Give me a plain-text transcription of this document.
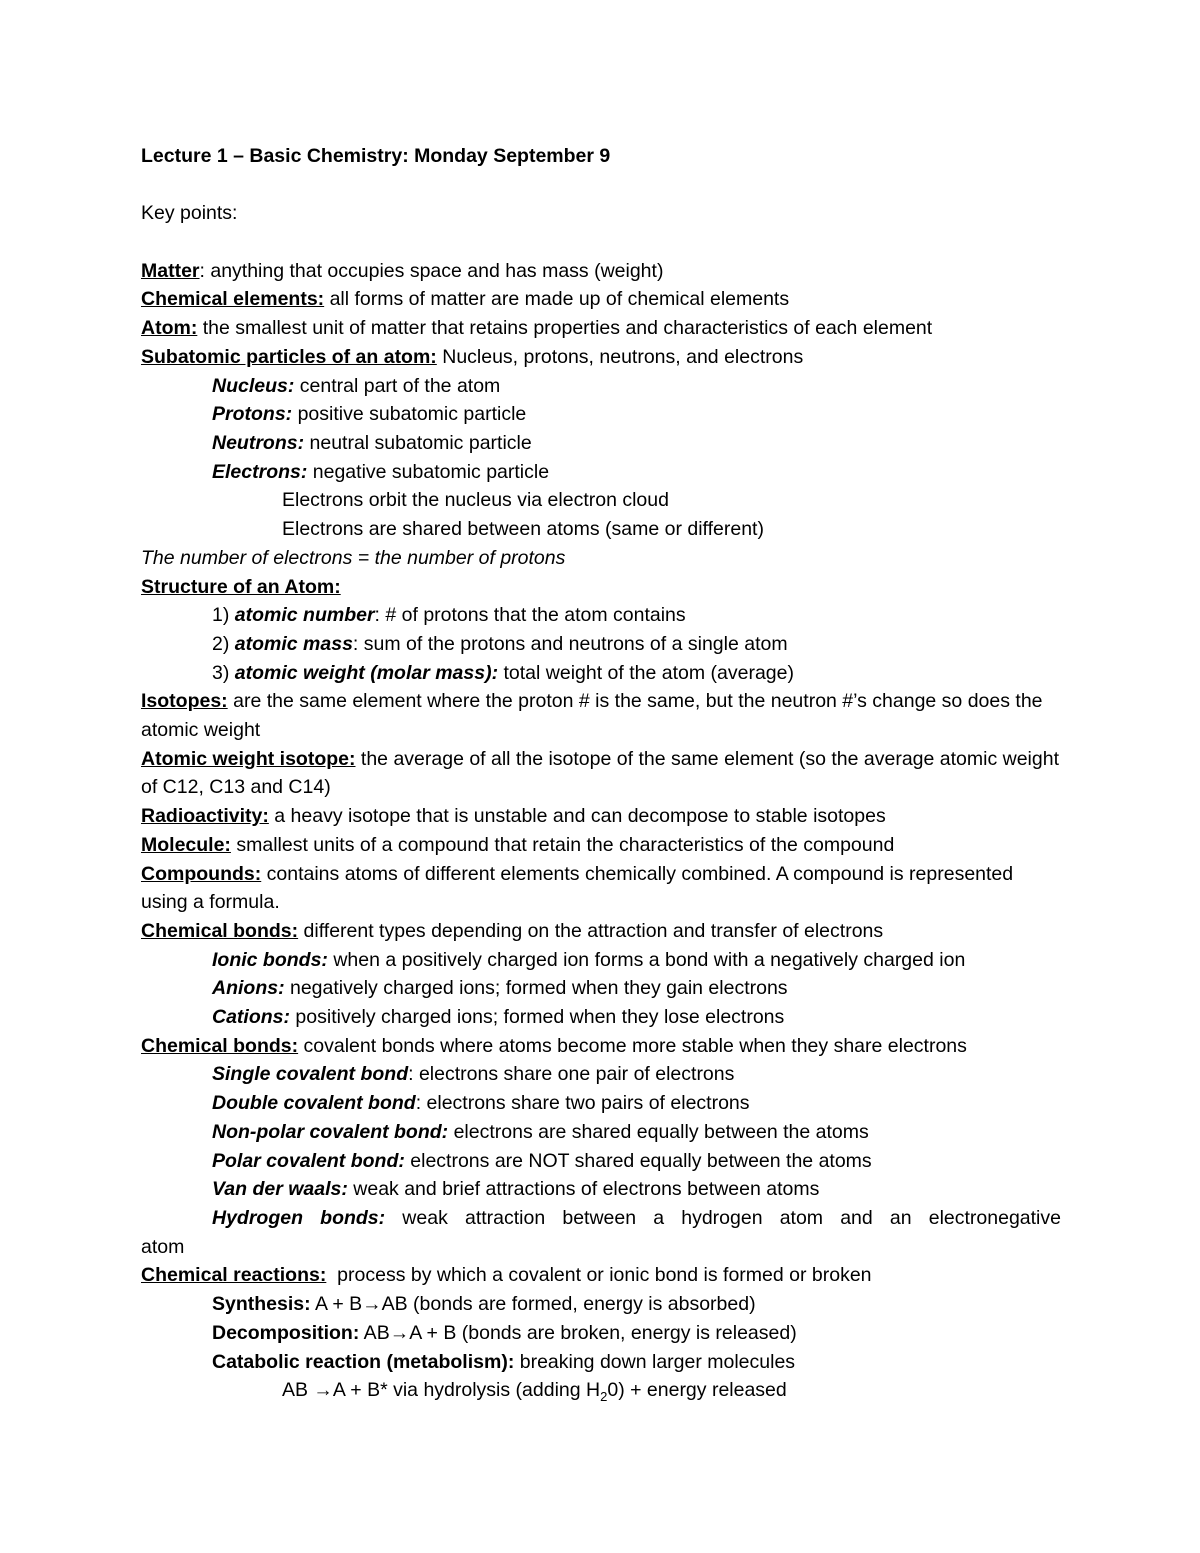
Lecture 1 – Basic Chemistry: Monday September 9
Key points:
Matter: anything that occupies space and has mass (weight)
Chemical elements: all forms of matter are made up of chemical elements
Atom: the smallest unit of matter that retains properties and characteristics of each element
Subatomic particles of an atom: Nucleus, protons, neutrons, and electrons
Nucleus: central part of the atom
Protons: positive subatomic particle
Neutrons: neutral subatomic particle
Electrons: negative subatomic particle
Electrons orbit the nucleus via electron cloud
Electrons are shared between atoms (same or different)
The number of electrons = the number of protons
Structure of an Atom:
1) atomic number: # of protons that the atom contains
2) atomic mass: sum of the protons and neutrons of a single atom
3) atomic weight (molar mass): total weight of the atom (average)
Isotopes: are the same element where the proton # is the same, but the neutron #’s change so does the atomic weight
Atomic weight isotope: the average of all the isotope of the same element (so the average atomic weight of C12, C13 and C14)
Radioactivity: a heavy isotope that is unstable and can decompose to stable isotopes
Molecule: smallest units of a compound that retain the characteristics of the compound
Compounds: contains atoms of different elements chemically combined. A compound is represented using a formula.
Chemical bonds: different types depending on the attraction and transfer of electrons
Ionic bonds: when a positively charged ion forms a bond with a negatively charged ion
Anions: negatively charged ions; formed when they gain electrons
Cations: positively charged ions; formed when they lose electrons
Chemical bonds: covalent bonds where atoms become more stable when they share electrons
Single covalent bond: electrons share one pair of electrons
Double covalent bond: electrons share two pairs of electrons
Non-polar covalent bond: electrons are shared equally between the atoms
Polar covalent bond: electrons are NOT shared equally between the atoms
Van der waals: weak and brief attractions of electrons between atoms
Hydrogen bonds: weak attraction between a hydrogen atom and an electronegative
atom
Chemical reactions:  process by which a covalent or ionic bond is formed or broken
Synthesis: A + B→AB (bonds are formed, energy is absorbed)
Decomposition: AB→A + B (bonds are broken, energy is released)
Catabolic reaction (metabolism): breaking down larger molecules
AB →A + B* via hydrolysis (adding $H_20$) + energy released
